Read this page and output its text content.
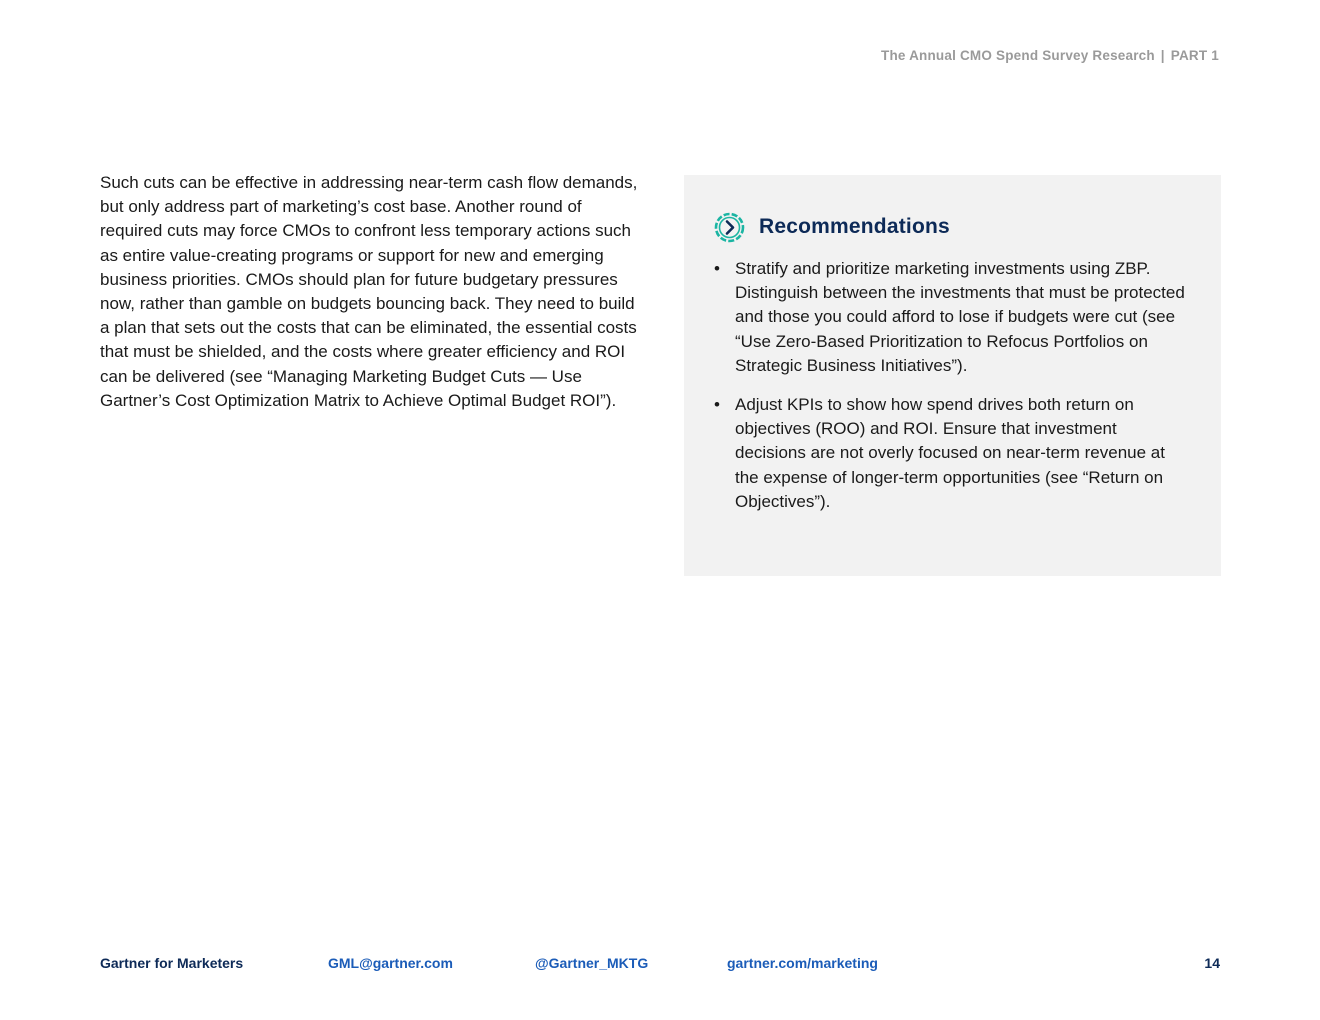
The Annual CMO Spend Survey Research | PART 1

Such cuts can be effective in addressing near-term cash flow demands, but only address part of marketing’s cost base. Another round of required cuts may force CMOs to confront less temporary actions such as entire value-creating programs or support for new and emerging business priorities. CMOs should plan for future budgetary pressures now, rather than gamble on budgets bouncing back. They need to build a plan that sets out the costs that can be eliminated, the essential costs that must be shielded, and the costs where greater efficiency and ROI can be delivered (see “Managing Marketing Budget Cuts — Use Gartner’s Cost Optimization Matrix to Achieve Optimal Budget ROI”).

Recommendations
• Stratify and prioritize marketing investments using ZBP. Distinguish between the investments that must be protected and those you could afford to lose if budgets were cut (see “Use Zero-Based Prioritization to Refocus Portfolios on Strategic Business Initiatives”).
• Adjust KPIs to show how spend drives both return on objectives (ROO) and ROI. Ensure that investment decisions are not overly focused on near-term revenue at the expense of longer-term opportunities (see “Return on Objectives”).
Gartner for Marketers	GML@gartner.com	@Gartner_MKTG	gartner.com/marketing	14
